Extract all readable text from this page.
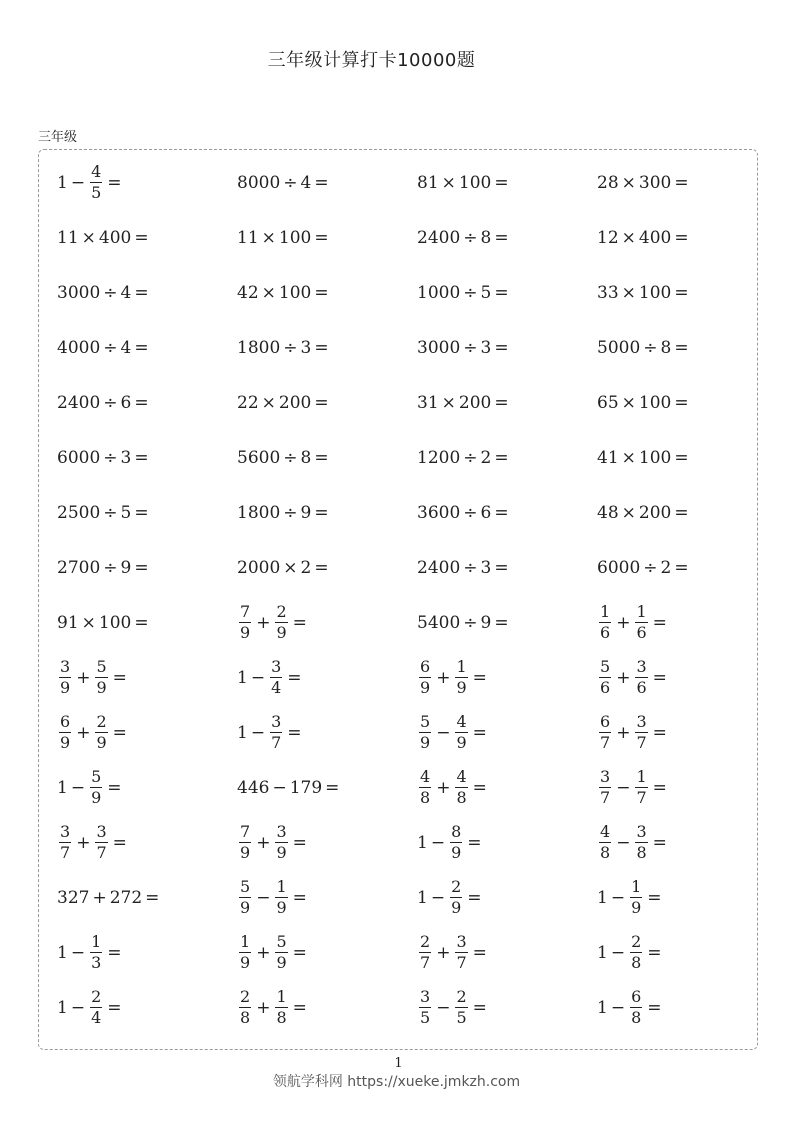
三年级计算打卡10000题
三年级
$1 - \frac{4}{5}$ =	8000 ÷ 4 =	81 × 100 =	28 × 300 =
11 × 400 =	11 × 100 =	2400 ÷ 8 =	12 × 400 =
3000 ÷ 4 =	42 × 100 =	1000 ÷ 5 =	33 × 100 =
4000 ÷ 4 =	1800 ÷ 3 =	3000 ÷ 3 =	5000 ÷ 8 =
2400 ÷ 6 =	22 × 200 =	31 × 200 =	65 × 100 =
6000 ÷ 3 =	5600 ÷ 8 =	1200 ÷ 2 =	41 × 100 =
2500 ÷ 5 =	1800 ÷ 9 =	3600 ÷ 6 =	48 × 200 =
2700 ÷ 9 =	2000 × 2 =	2400 ÷ 3 =	6000 ÷ 2 =
91 × 100 =	$\frac{7}{9} + \frac{2}{9}$ =	5400 ÷ 9 =	$\frac{1}{6} + \frac{1}{6}$ =
$\frac{3}{9} + \frac{5}{9}$ =	$1 - \frac{3}{4}$ =	$\frac{6}{9} + \frac{1}{9}$ =	$\frac{5}{6} + \frac{3}{6}$ =
$\frac{6}{9} + \frac{2}{9}$ =	$1 - \frac{3}{7}$ =	$\frac{5}{9} - \frac{4}{9}$ =	$\frac{6}{7} + \frac{3}{7}$ =
$1 - \frac{5}{9}$ =	446 − 179 =	$\frac{4}{8} + \frac{4}{8}$ =	$\frac{3}{7} - \frac{1}{7}$ =
$\frac{3}{7} + \frac{3}{7}$ =	$\frac{7}{9} + \frac{3}{9}$ =	$1 - \frac{8}{9}$ =	$\frac{4}{8} - \frac{3}{8}$ =
327 + 272 =	$\frac{5}{9} - \frac{1}{9}$ =	$1 - \frac{2}{9}$ =	$1 - \frac{1}{9}$ =
$1 - \frac{1}{3}$ =	$\frac{1}{9} + \frac{5}{9}$ =	$\frac{2}{7} + \frac{3}{7}$ =	$1 - \frac{2}{8}$ =
$1 - \frac{2}{4}$ =	$\frac{2}{8} + \frac{1}{8}$ =	$\frac{3}{5} - \frac{2}{5}$ =	$1 - \frac{6}{8}$ =
1
领航学科网 https://xueke.jmkzh.com
